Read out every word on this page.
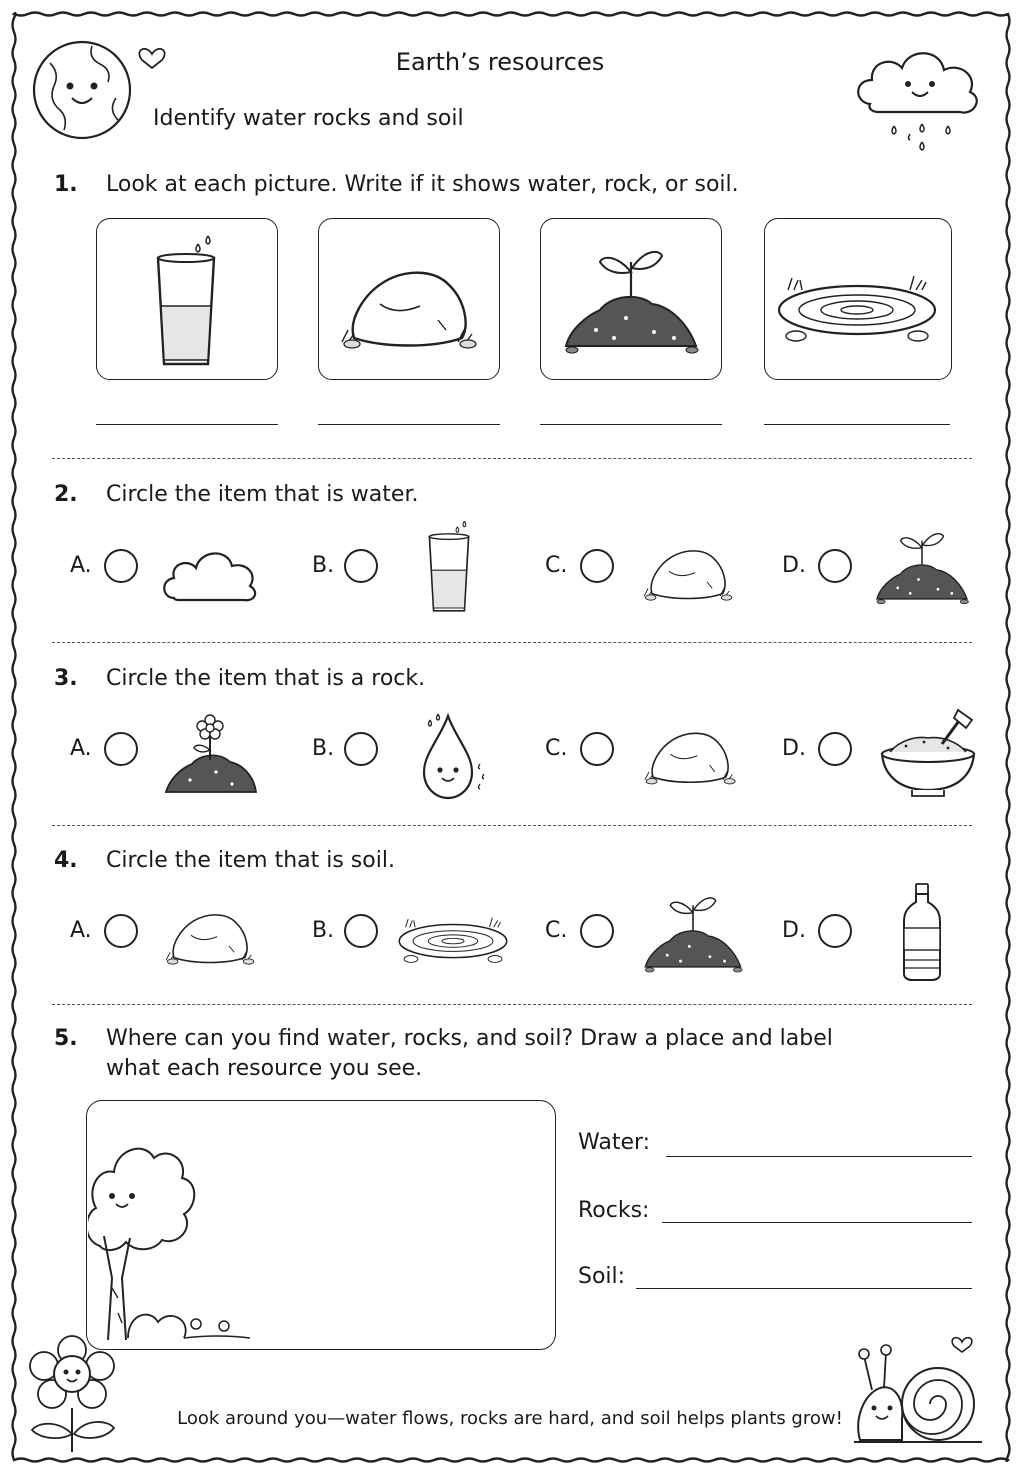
Earth’s resources
Identify water rocks and soil
1. Look at each picture. Write if it shows water, rock, or soil.
2. Circle the item that is water.
A.	B.	C.	D.
3. Circle the item that is a rock.
A.	B.	C.	D.
4. Circle the item that is soil.
A.	B.	C.	D.
5. Where can you find water, rocks, and soil? Draw a place and label
what each resource you see.
Water:
Rocks:
Soil:
Look around you—water flows, rocks are hard, and soil helps plants grow!
